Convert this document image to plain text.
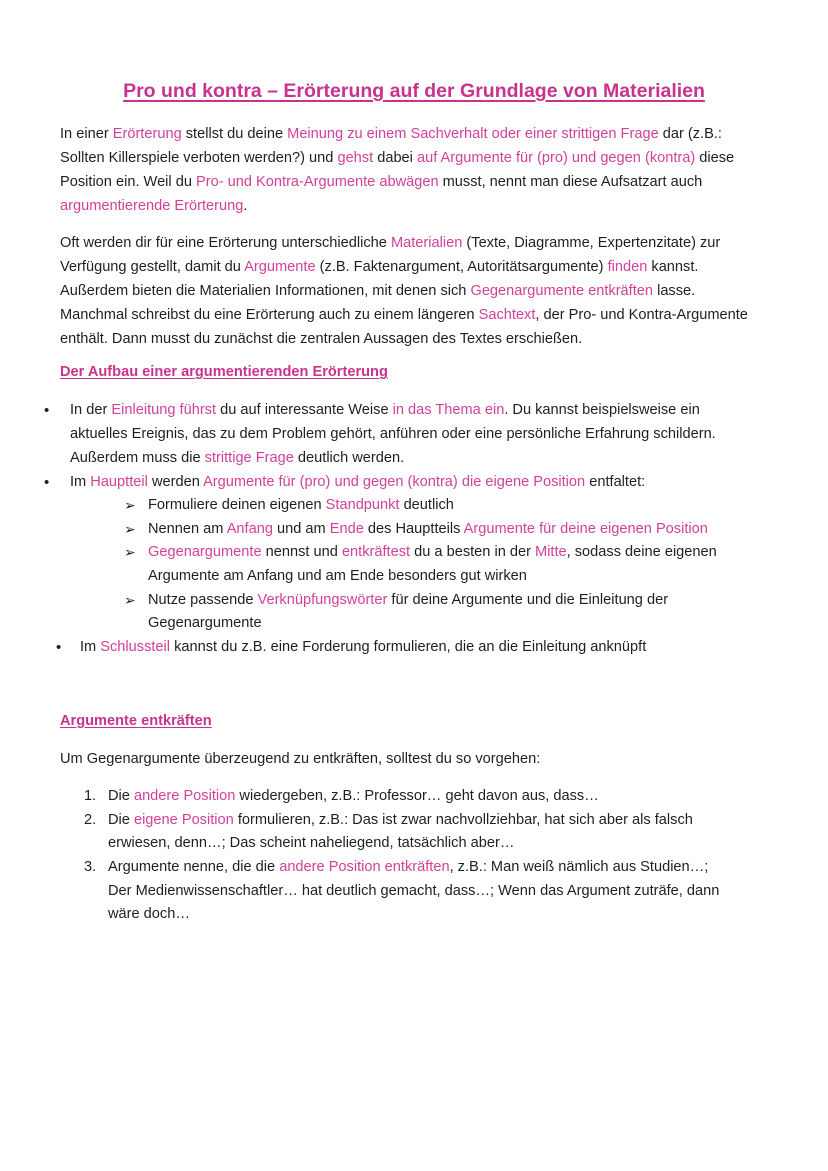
Pro und kontra – Erörterung auf der Grundlage von Materialien

In einer Erörterung stellst du deine Meinung zu einem Sachverhalt oder einer strittigen Frage dar (z.B.: Sollten Killerspiele verboten werden?) und gehst dabei auf Argumente für (pro) und gegen (kontra) diese Position ein. Weil du Pro- und Kontra-Argumente abwägen musst, nennt man diese Aufsatzart auch argumentierende Erörterung.

Oft werden dir für eine Erörterung unterschiedliche Materialien (Texte, Diagramme, Expertenzitate) zur Verfügung gestellt, damit du Argumente (z.B. Faktenargument, Autoritätsargumente) finden kannst. Außerdem bieten die Materialien Informationen, mit denen sich Gegenargumente entkräften lasse. Manchmal schreibst du eine Erörterung auch zu einem längeren Sachtext, der Pro- und Kontra-Argumente enthält. Dann musst du zunächst die zentralen Aussagen des Textes erschießen.

Der Aufbau einer argumentierenden Erörterung
• In der Einleitung führst du auf interessante Weise in das Thema ein. Du kannst beispielsweise ein
aktuelles Ereignis, das zu dem Problem gehört, anführen oder eine persönliche Erfahrung schildern.
Außerdem muss die strittige Frage deutlich werden.
• Im Hauptteil werden Argumente für (pro) und gegen (kontra) die eigene Position entfaltet:
➢ Formuliere deinen eigenen Standpunkt deutlich
➢ Nennen am Anfang und am Ende des Hauptteils Argumente für deine eigenen Position
➢ Gegenargumente nennst und entkräftest du a besten in der Mitte, sodass deine eigenen
Argumente am Anfang und am Ende besonders gut wirken
➢ Nutze passende Verknüpfungswörter für deine Argumente und die Einleitung der
Gegenargumente
• Im Schlussteil kannst du z.B. eine Forderung formulieren, die an die Einleitung anknüpft
Argumente entkräften
Um Gegenargumente überzeugend zu entkräften, solltest du so vorgehen:
1. Die andere Position wiedergeben, z.B.: Professor… geht davon aus, dass…
2. Die eigene Position formulieren, z.B.: Das ist zwar nachvollziehbar, hat sich aber als falsch
erwiesen, denn…; Das scheint naheliegend, tatsächlich aber…
3. Argumente nenne, die die andere Position entkräften, z.B.: Man weiß nämlich aus Studien…;
Der Medienwissenschaftler… hat deutlich gemacht, dass…; Wenn das Argument zuträfe, dann
wäre doch…
